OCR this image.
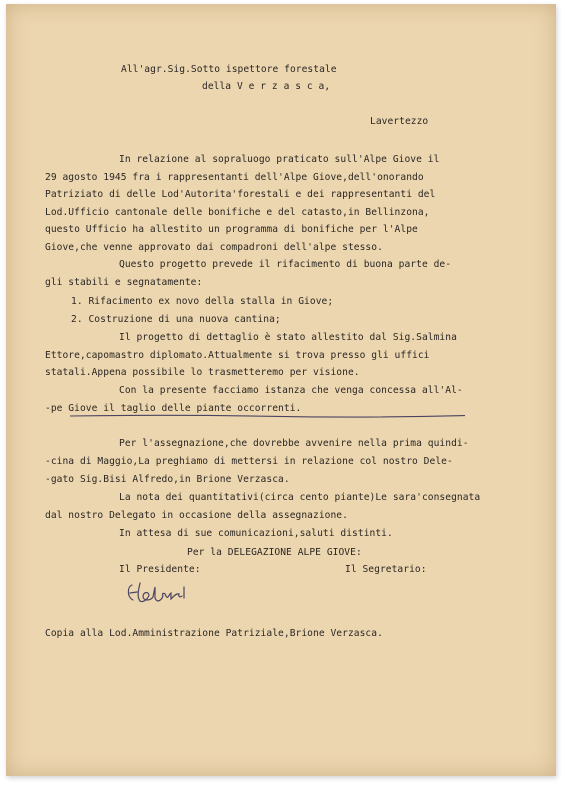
All'agr.Sig.Sotto ispettore forestale
della V e r z a s c a,
Lavertezzo
In relazione al sopraluogo praticato sull'Alpe Giove il
29 agosto 1945 fra i rappresentanti dell'Alpe Giove,dell'onorando
Patriziato di delle Lod'Autorita'forestali e dei rappresentanti del
Lod.Ufficio cantonale delle bonifiche e del catasto,in Bellinzona,
questo Ufficio ha allestito un programma di bonifiche per l'Alpe
Giove,che venne approvato dai compadroni dell'alpe stesso.
Questo progetto prevede il rifacimento di buona parte de-
gli stabili e segnatamente:
1. Rifacimento ex novo della stalla in Giove;
2. Costruzione di una nuova cantina;
Il progetto di dettaglio è stato allestito dal Sig.Salmina
Ettore,capomastro diplomato.Attualmente si trova presso gli uffici
statali.Appena possibile lo trasmetteremo per visione.
Con la presente facciamo istanza che venga concessa all'Al-
-pe Giove il taglio delle piante occorrenti.
Per l'assegnazione,che dovrebbe avvenire nella prima quindi-
-cina di Maggio,La preghiamo di mettersi in relazione col nostro Dele-
-gato Sig.Bisi Alfredo,in Brione Verzasca.
La nota dei quantitativi(circa cento piante)Le sara'consegnata
dal nostro Delegato in occasione della assegnazione.
In attesa di sue comunicazioni,saluti distinti.
Per la DELEGAZIONE ALPE GIOVE:
Il Presidente:	Il Segretario:
Copia alla Lod.Amministrazione Patriziale,Brione Verzasca.
